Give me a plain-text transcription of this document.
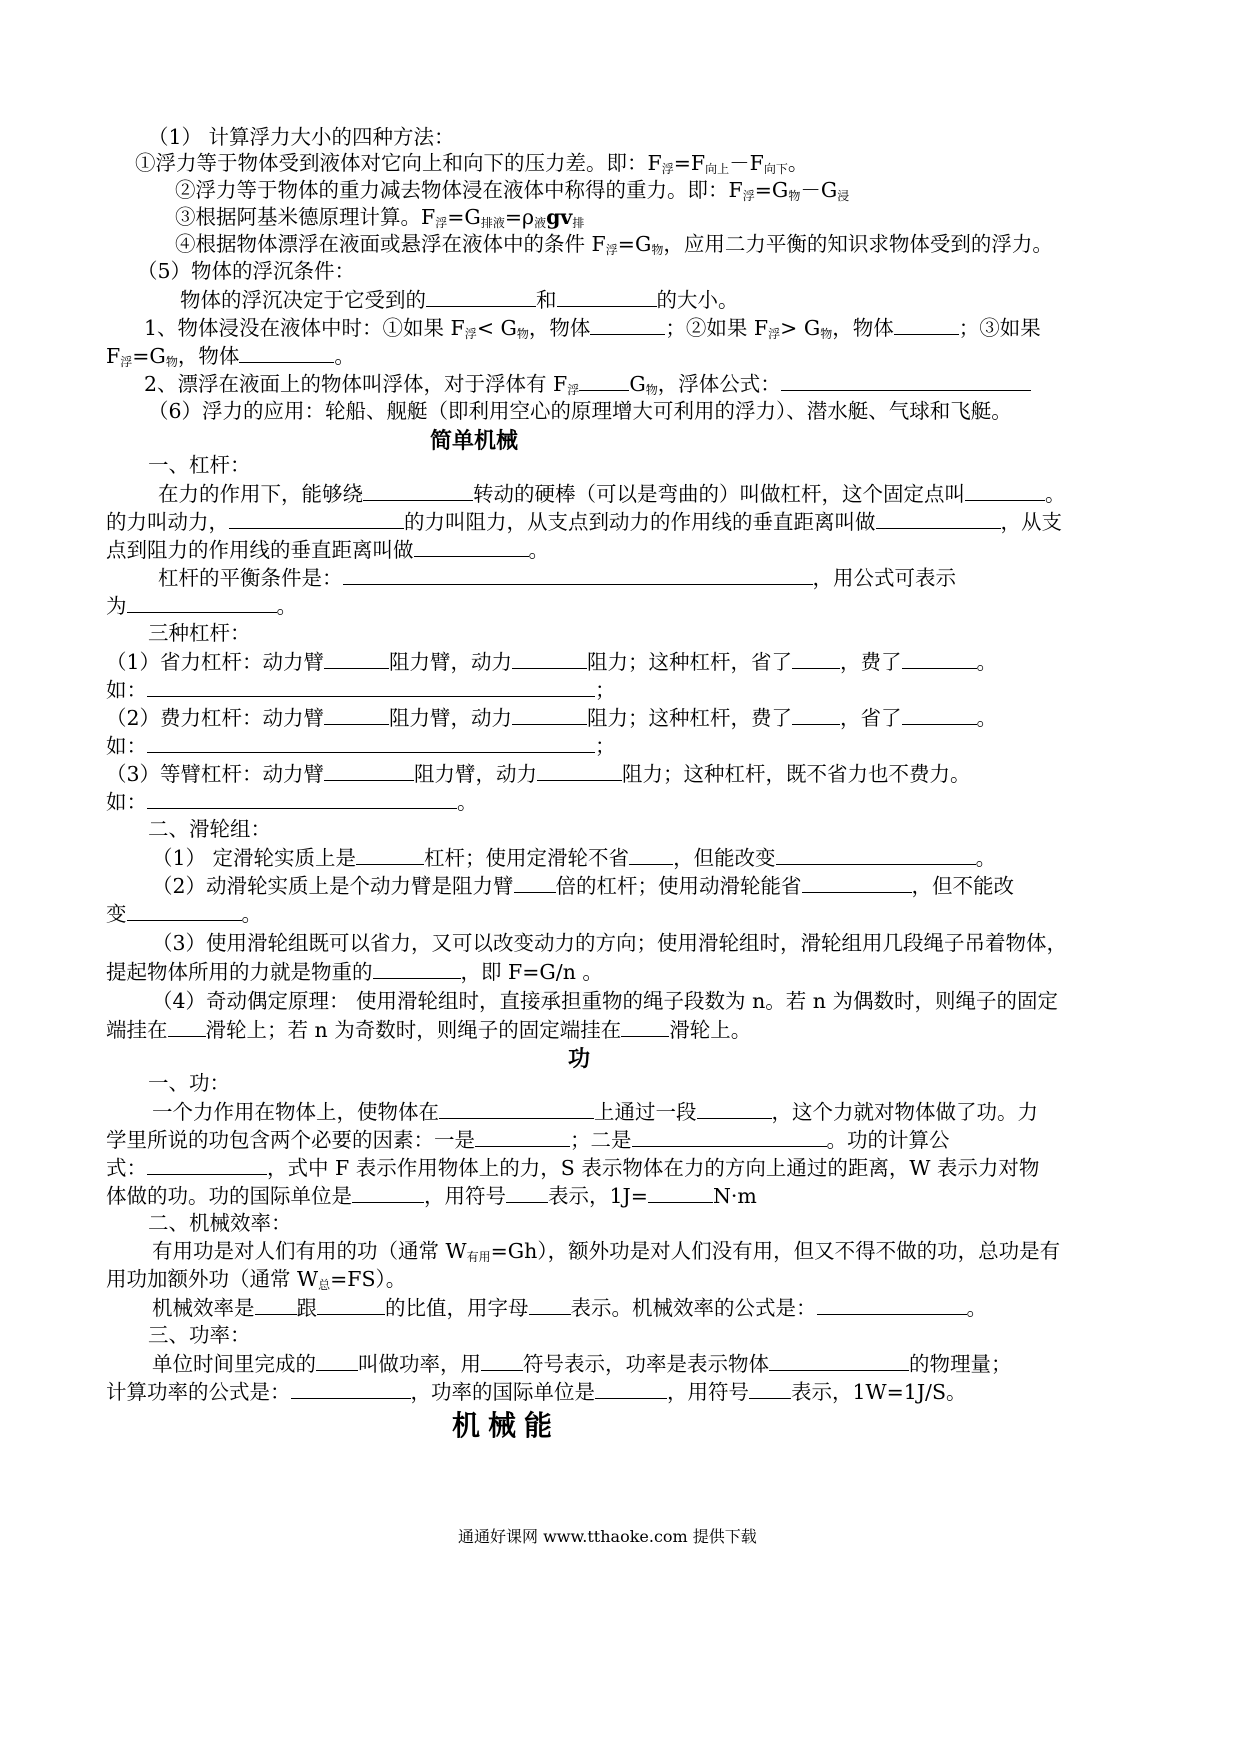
（1） 计算浮力大小的四种方法：
①浮力等于物体受到液体对它向上和向下的压力差。即：F浮=F向上－F向下。
②浮力等于物体的重力减去物体浸在液体中称得的重力。即：F浮=G物－G浸
③根据阿基米德原理计算。F浮=G排液=ρ液gv排
④根据物体漂浮在液面或悬浮在液体中的条件 F浮=G物，应用二力平衡的知识求物体受到的浮力。
（5）物体的浮沉条件：
物体的浮沉决定于它受到的	和	的大小。
1、物体浸没在液体中时：①如果 F浮< G物，物体	；②如果 F浮> G物，物体	；③如果
F浮=G物，物体	。
2、漂浮在液面上的物体叫浮体，对于浮体有 F浮 G物，浮体公式：
（6）浮力的应用：轮船、舰艇（即利用空心的原理增大可利用的浮力）、潜水艇、气球和飞艇。
简单机械
一、杠杆：
在力的作用下，能够绕	转动的硬棒（可以是弯曲的）叫做杠杆，这个固定点叫	。
的力叫动力，	的力叫阻力，从支点到动力的作用线的垂直距离叫做	，从支
点到阻力的作用线的垂直距离叫做	。
杠杆的平衡条件是：	，用公式可表示
为	。
三种杠杆：
（1）省力杠杆：动力臂	阻力臂，动力	阻力；这种杠杆，省了 ，费了	。
如：	；
（2）费力杠杆：动力臂	阻力臂，动力	阻力；这种杠杆，费了 ，省了	。
如：	；
（3）等臂杠杆：动力臂	阻力臂，动力	阻力；这种杠杆，既不省力也不费力。
如：	。
二、滑轮组：
（1） 定滑轮实质上是	杠杆；使用定滑轮不省 ，但能改变	。
（2）动滑轮实质上是个动力臂是阻力臂 倍的杠杆；使用动滑轮能省	，但不能改
变	。
（3）使用滑轮组既可以省力，又可以改变动力的方向；使用滑轮组时，滑轮组用几段绳子吊着物体，
提起物体所用的力就是物重的	，即 F=G/n 。
（4）奇动偶定原理： 使用滑轮组时，直接承担重物的绳子段数为 n。若 n 为偶数时，则绳子的固定
端挂在 滑轮上；若 n 为奇数时，则绳子的固定端挂在 滑轮上。
功
一、功：
一个力作用在物体上，使物体在	上通过一段	，这个力就对物体做了功。力
学里所说的功包含两个必要的因素：一是	；二是	。功的计算公
式：	，式中 F 表示作用物体上的力，S 表示物体在力的方向上通过的距离，W 表示力对物
体做的功。功的国际单位是	，用符号 表示，1J=	N·m
二、机械效率：
有用功是对人们有用的功（通常 W有用=Gh），额外功是对人们没有用，但又不得不做的功，总功是有
用功加额外功（通常 W总=FS）。
机械效率是 跟	的比值，用字母 表示。机械效率的公式是：	。
三、功率：
单位时间里完成的 叫做功率，用 符号表示，功率是表示物体	的物理量；
计算功率的公式是：	，功率的国际单位是	，用符号 表示，1W=1J/S。
机械能
通通好课网 www.tthaoke.com 提供下载
